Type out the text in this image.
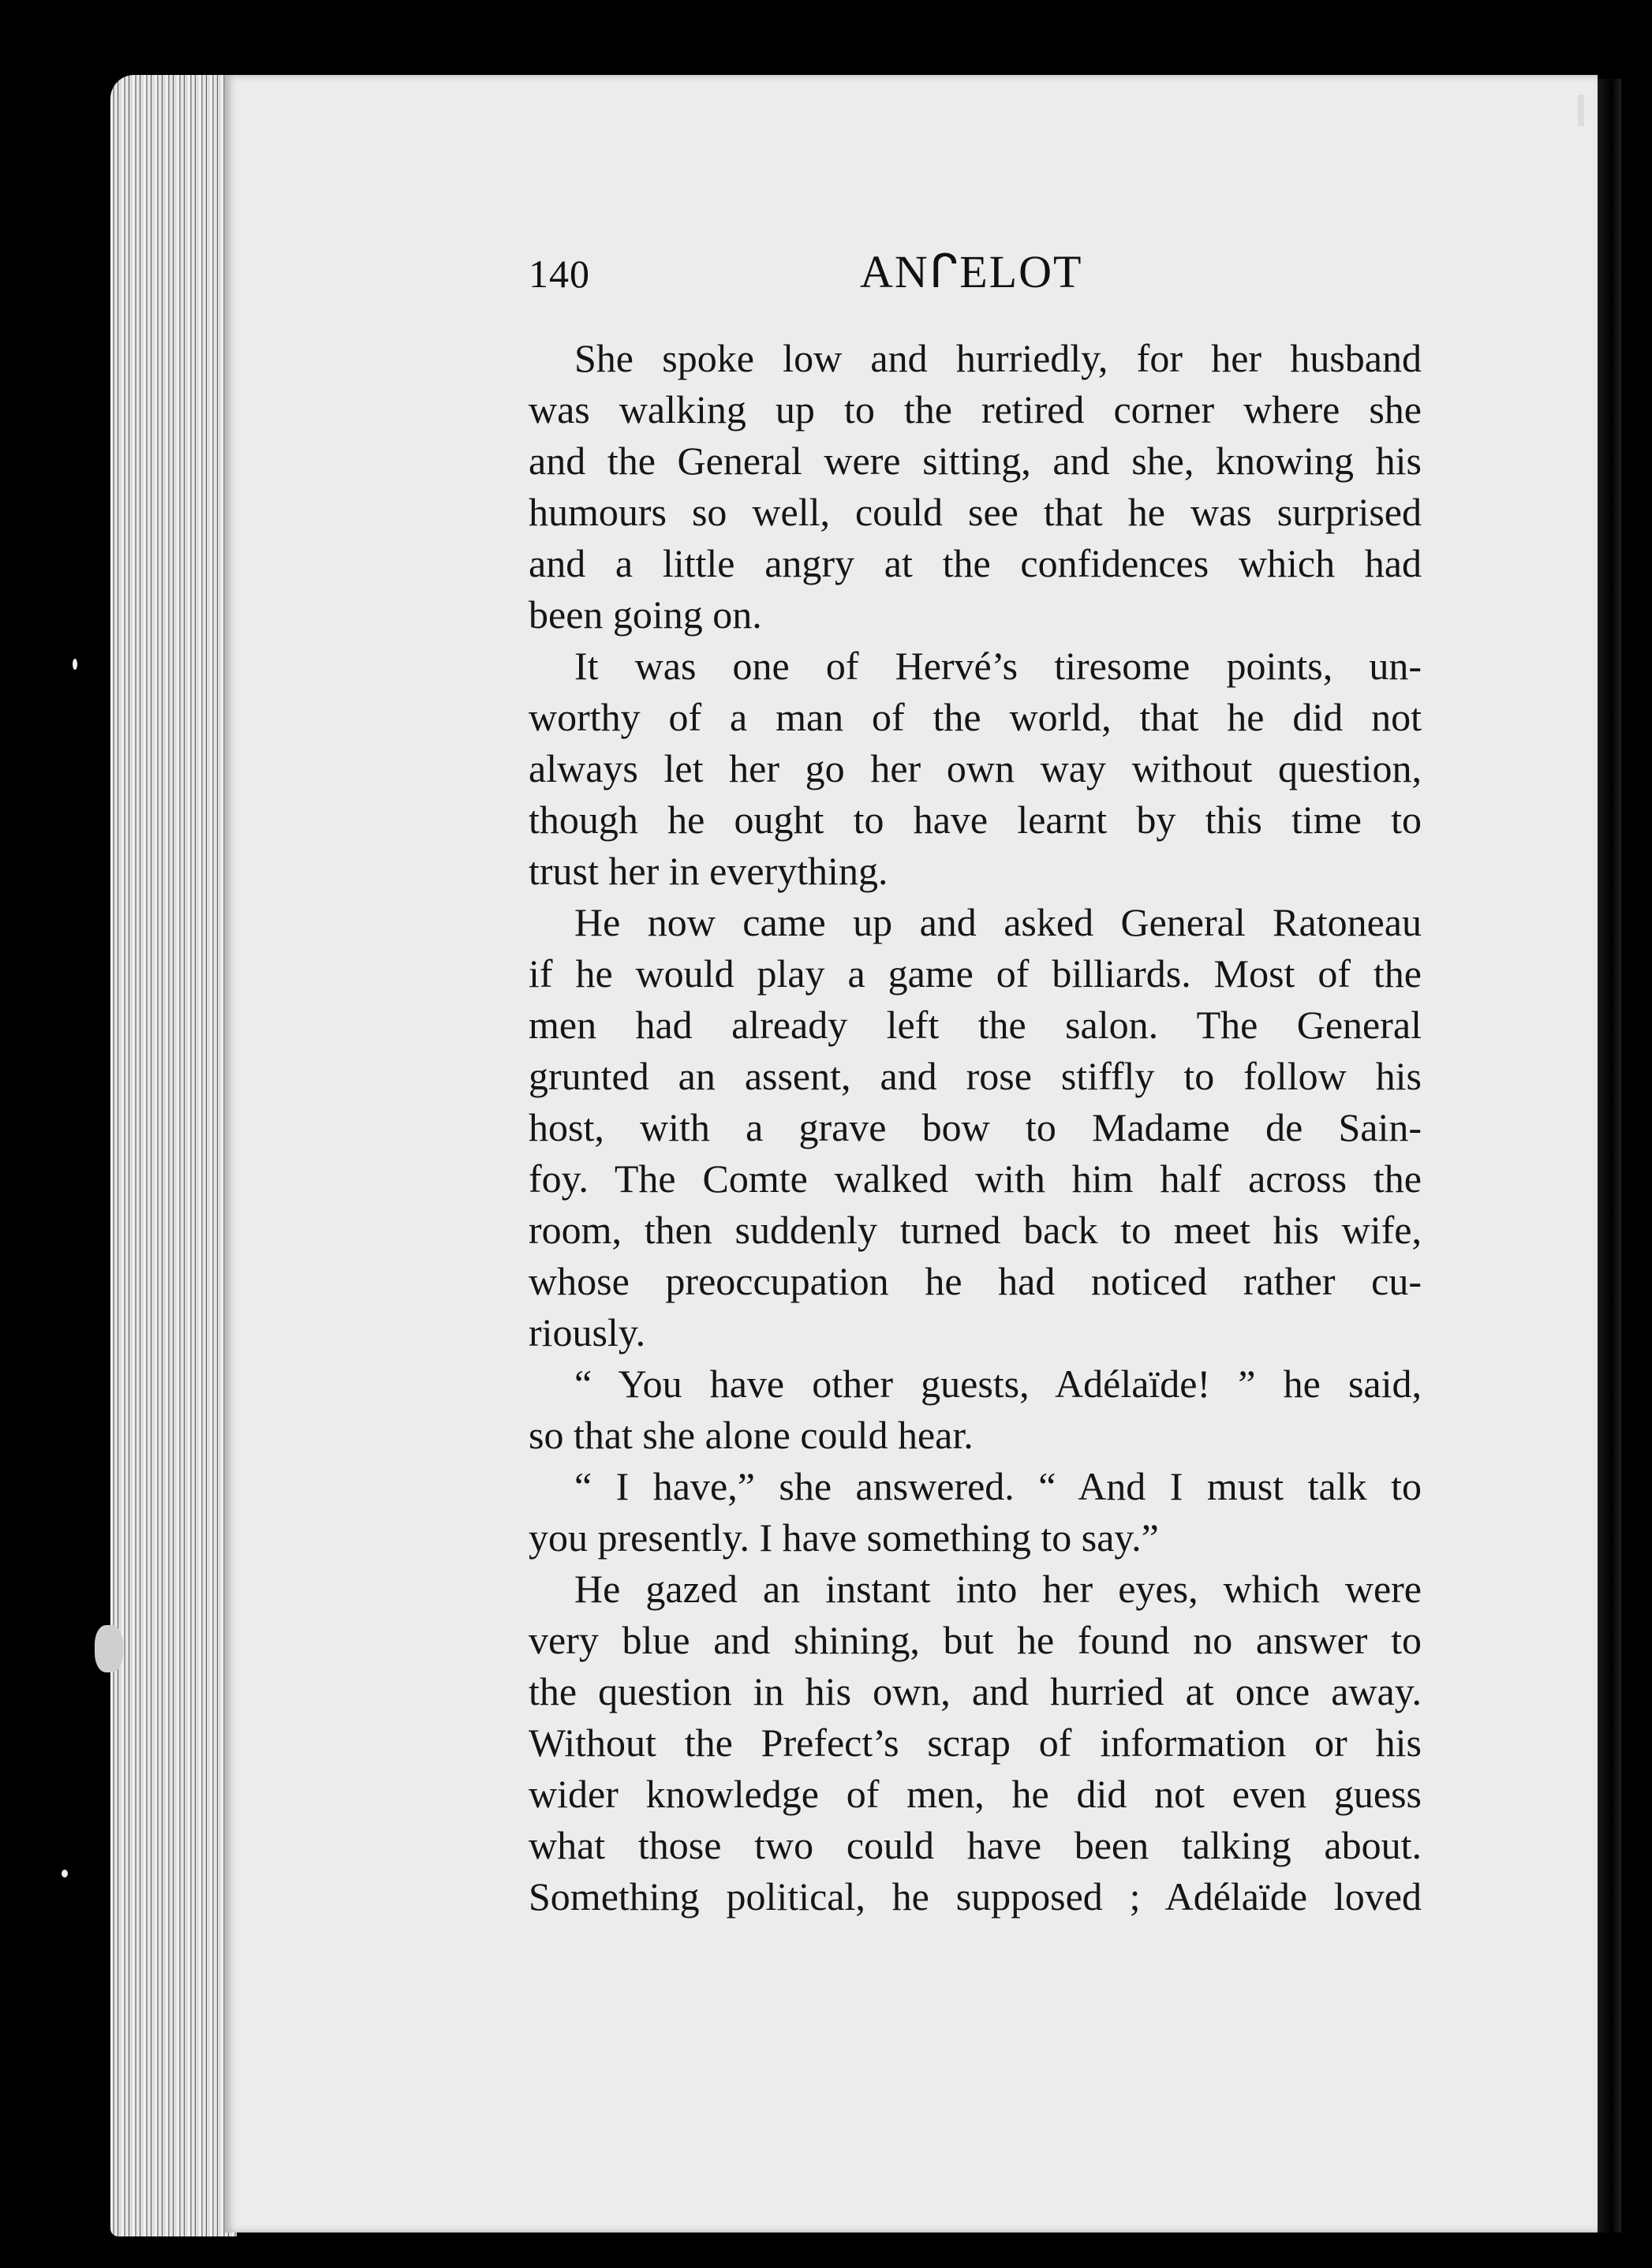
140	ANᒋELOT
She spoke low and hurriedly, for her husband
was walking up to the retired corner where she
and the General were sitting, and she, knowing his
humours so well, could see that he was surprised
and a little angry at the confidences which had
been going on.
It was one of Hervé’s tiresome points, un-
worthy of a man of the world, that he did not
always let her go her own way without question,
though he ought to have learnt by this time to
trust her in everything.
He now came up and asked General Ratoneau
if he would play a game of billiards. Most of the
men had already left the salon. The General
grunted an assent, and rose stiffly to follow his
host, with a grave bow to Madame de Sain-
foy. The Comte walked with him half across the
room, then suddenly turned back to meet his wife,
whose preoccupation he had noticed rather cu-
riously.
“ You have other guests, Adélaïde! ” he said,
so that she alone could hear.
“ I have,” she answered. “ And I must talk to
you presently. I have something to say.”
He gazed an instant into her eyes, which were
very blue and shining, but he found no answer to
the question in his own, and hurried at once away.
Without the Prefect’s scrap of information or his
wider knowledge of men, he did not even guess
what those two could have been talking about.
Something political, he supposed ; Adélaïde loved
